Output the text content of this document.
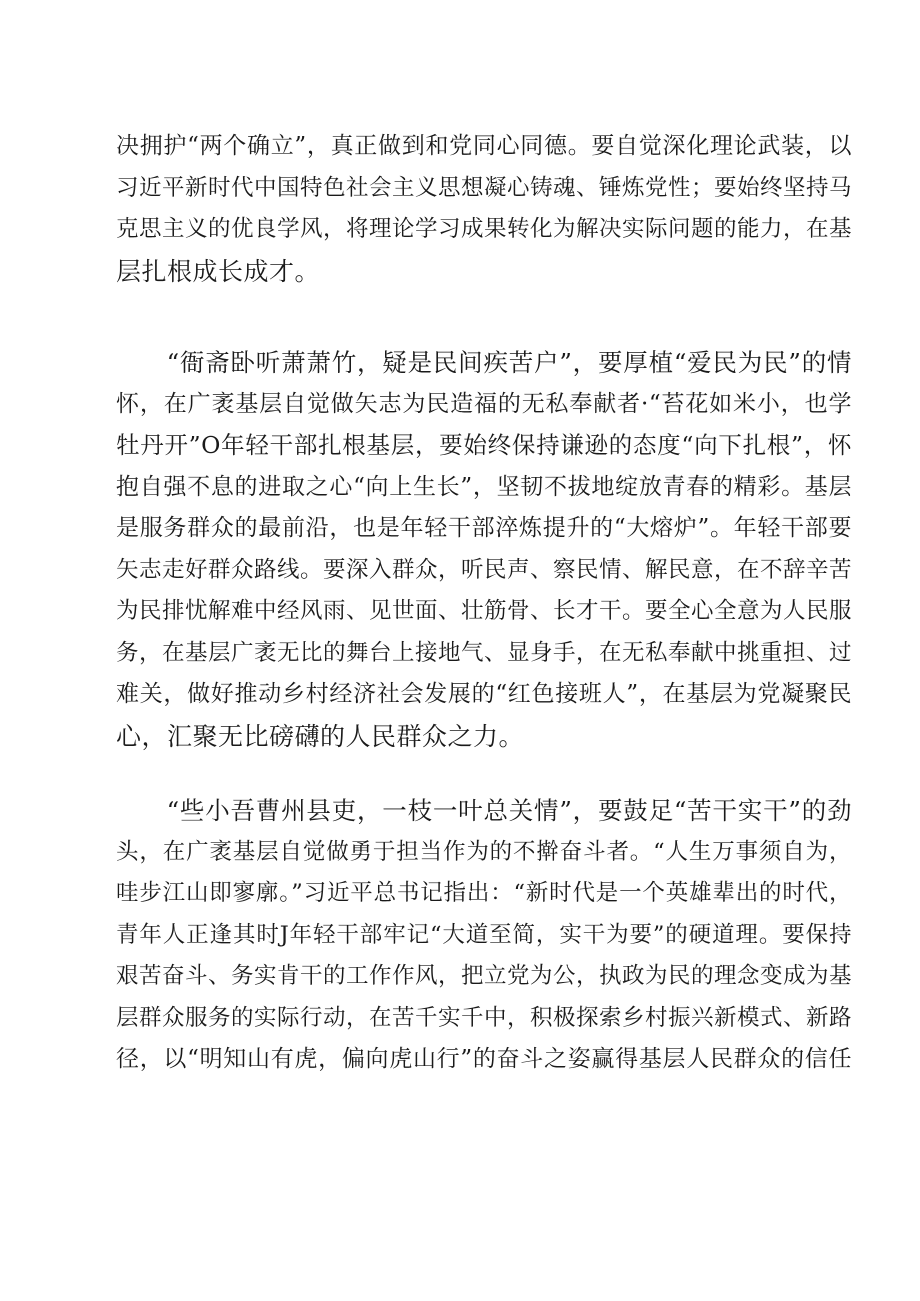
决拥护“两个确立”，真正做到和党同心同德。要自觉深化理论武装，以
习近平新时代中国特色社会主义思想凝心铸魂、锤炼党性；要始终坚持马
克思主义的优良学风，将理论学习成果转化为解决实际问题的能力，在基
层扎根成长成才。
　　“衙斋卧听萧萧竹，疑是民间疾苦户”，要厚植“爱民为民”的情
怀，在广袤基层自觉做矢志为民造福的无私奉献者·“苔花如米小，也学
牡丹开”O年轻干部扎根基层，要始终保持谦逊的态度“向下扎根”，怀
抱自强不息的进取之心“向上生长”，坚韧不拔地绽放青春的精彩。基层
是服务群众的最前沿，也是年轻干部淬炼提升的“大熔炉”。年轻干部要
矢志走好群众路线。要深入群众，听民声、察民情、解民意，在不辞辛苦
为民排忧解难中经风雨、见世面、壮筋骨、长才干。要全心全意为人民服
务，在基层广袤无比的舞台上接地气、显身手，在无私奉献中挑重担、过
难关，做好推动乡村经济社会发展的“红色接班人”，在基层为党凝聚民
心，汇聚无比磅礴的人民群众之力。
　　“些小吾曹州县吏，一枝一叶总关情”，要鼓足“苦干实干”的劲
头，在广袤基层自觉做勇于担当作为的不擀奋斗者。“人生万事须自为，
哇步江山即寥廓。”习近平总书记指出：“新时代是一个英雄辈出的时代，
青年人正逢其时J年轻干部牢记“大道至简，实干为要”的硬道理。要保持
艰苦奋斗、务实肯干的工作作风，把立党为公，执政为民的理念变成为基
层群众服务的实际行动，在苦千实千中，积极探索乡村振兴新模式、新路
径，以“明知山有虎，偏向虎山行”的奋斗之姿赢得基层人民群众的信任
